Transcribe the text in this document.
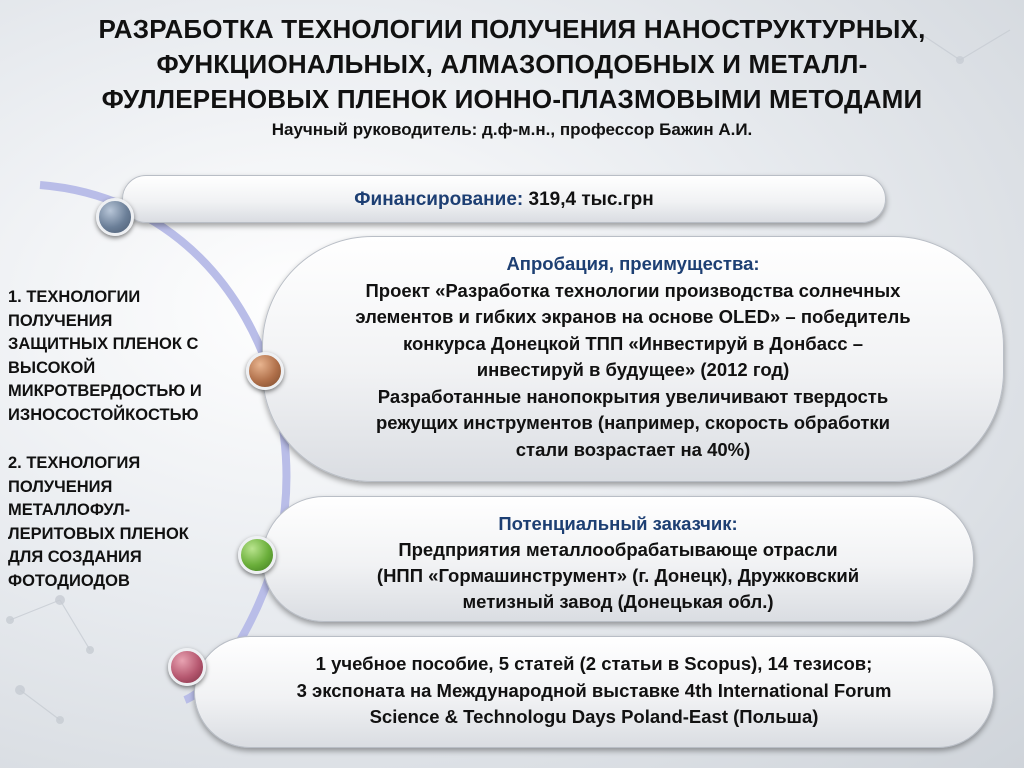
РАЗРАБОТКА ТЕХНОЛОГИИ ПОЛУЧЕНИЯ НАНОСТРУКТУРНЫХ,
ФУНКЦИОНАЛЬНЫХ, АЛМАЗОПОДОБНЫХ И МЕТАЛЛ-
ФУЛЛЕРЕНОВЫХ ПЛЕНОК ИОННО-ПЛАЗМОВЫМИ МЕТОДАМИ

Научный руководитель: д.ф-м.н., профессор Бажин А.И.

Финансирование: 319,4 тыс.грн
Апробация, преимущества:
Проект «Разработка технологии производства солнечных
элементов и гибких экранов на основе OLED» – победитель
конкурса Донецкой ТПП «Инвестируй в Донбасс –
инвестируй в будущее» (2012 год)
Разработанные нанопокрытия увеличивают твердость
режущих инструментов (например, скорость обработки
стали возрастает на 40%)
Потенциальный заказчик:
Предприятия металлообрабатывающе отрасли
(НПП «Гормашинструмент» (г. Донецк), Дружковский
метизный завод (Донецькая обл.)
1 учебное пособие, 5 статей (2 статьи в Scopus), 14 тезисов;
3 экспоната на Международной выставке 4th International Forum
Science & Technologu Days Poland-East (Польша)

1. ТЕХНОЛОГИИ
ПОЛУЧЕНИЯ
ЗАЩИТНЫХ ПЛЕНОК С
ВЫСОКОЙ
МИКРОТВЕРДОСТЬЮ И
ИЗНОСОСТОЙКОСТЬЮ

2. ТЕХНОЛОГИЯ
ПОЛУЧЕНИЯ
МЕТАЛЛОФУЛ-
ЛЕРИТОВЫХ ПЛЕНОК
ДЛЯ СОЗДАНИЯ
ФОТОДИОДОВ
